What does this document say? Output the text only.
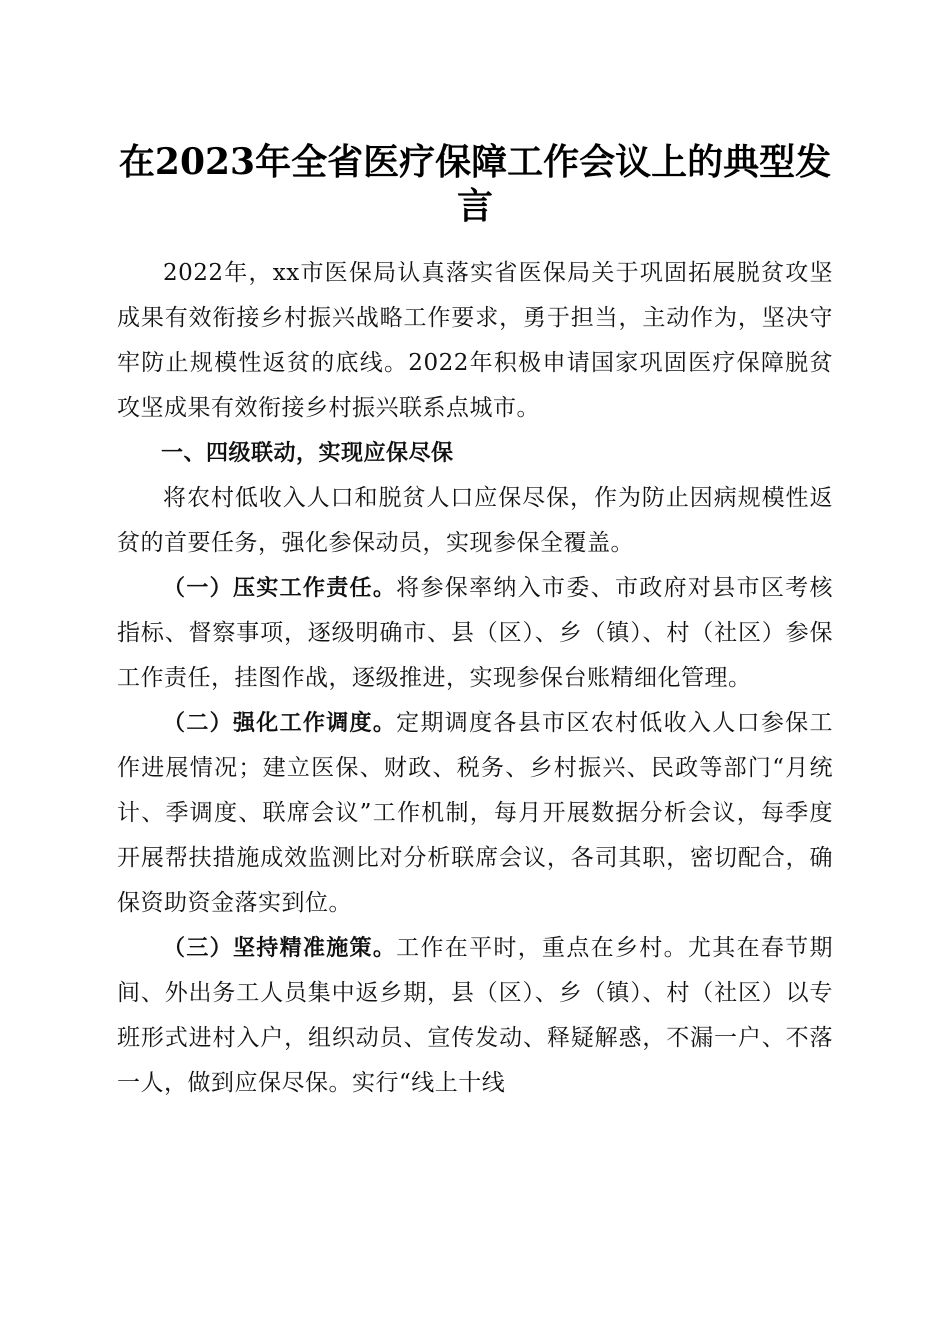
在2023年全省医疗保障工作会议上的典型发言

2022年，xx市医保局认真落实省医保局关于巩固拓展脱贫攻坚成果有效衔接乡村振兴战略工作要求，勇于担当，主动作为，坚决守牢防止规模性返贫的底线。2022年积极申请国家巩固医疗保障脱贫攻坚成果有效衔接乡村振兴联系点城市。

一、四级联动，实现应保尽保

将农村低收入人口和脱贫人口应保尽保，作为防止因病规模性返贫的首要任务，强化参保动员，实现参保全覆盖。

（一）压实工作责任。将参保率纳入市委、市政府对县市区考核指标、督察事项，逐级明确市、县（区）、乡（镇）、村（社区）参保工作责任，挂图作战，逐级推进，实现参保台账精细化管理。

（二）强化工作调度。定期调度各县市区农村低收入人口参保工作进展情况；建立医保、财政、税务、乡村振兴、民政等部门“月统计、季调度、联席会议”工作机制，每月开展数据分析会议，每季度开展帮扶措施成效监测比对分析联席会议，各司其职，密切配合，确保资助资金落实到位。

（三）坚持精准施策。工作在平时，重点在乡村。尤其在春节期间、外出务工人员集中返乡期，县（区）、乡（镇）、村（社区）以专班形式进村入户，组织动员、宣传发动、释疑解惑，不漏一户、不落一人，做到应保尽保。实行“线上十线
